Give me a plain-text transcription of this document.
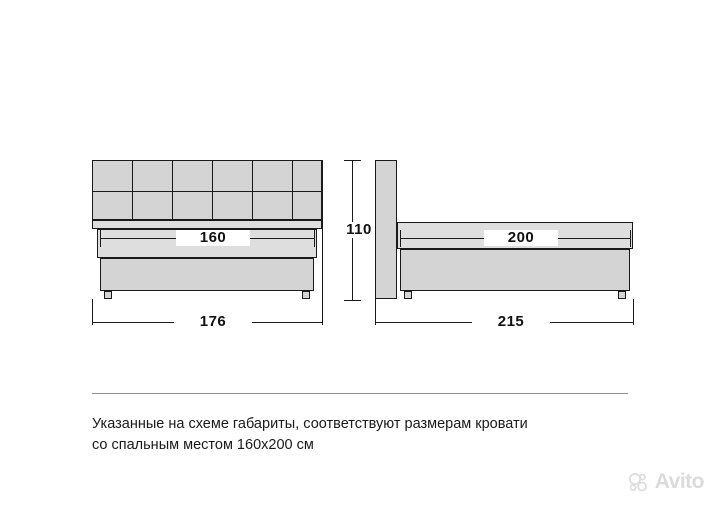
160
176
110	200
215
Указанные на схеме габариты, соответствуют размерам кровати
со спальным местом 160x200 см
Avito
